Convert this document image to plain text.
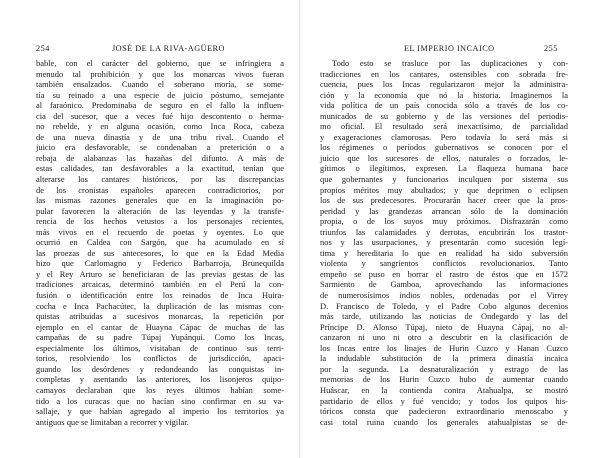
254	JOSÉ DE LA RIVA-AGÜERO
bable, con el carácter del gobierno, que se infringiera a
menudo tal prohibición y que los monarcas vivos fueran
también ensalzados. Cuando el soberano moría, se some-
tía su reinado a una especie de juicio póstumo, semejante
al faraónico. Predominaba de seguro en el fallo la influen-
cia del sucesor, que a veces fué hijo descontento o herma-
no rebelde, y en alguna ocasión, como Inca Roca, cabeza
de una nueva dinastía y de una tribu rival. Cuando el
juicio era desfavorable, se condenaban a preterición o a
rebaja de alabanzas las hazañas del difunto. A más de
estas calidades, tan desfavorables a la exactitud, tenían que
alterarse los cantares históricos, por las discrepancias
de los cronistas españoles aparecen contradictorios, por
las mismas razones generales que en la imaginación po-
pular favorecen la alteración de las leyendas y la transfe-
rencia de los hechos vetustos a los personajes recientes,
más vivos en el recuerdo de poetas y oyentes. Lo que
ocurrió en Caldea con Sargón, que ha acumulado en sí
las proezas de sus antecesores, lo que en la Edad Media
hizo que Carlomagno y Federico Barbarroja, Brunequilda
y el Rey Arturo se beneficiaran de las previas gestas de las
tradiciones arcaicas, determinó también en el Perú la con-
fusión o identificación entre los reinados de Inca Huira-
cocha e Inca Pachacútec, la duplicación de las mismas con-
quistas atribuidas a sucesivos monarcas, la repetición por
ejemplo en el cantar de Huayna Cápac de muchas de las
campañas de su padre Túpaj Yupánqui. Como los Incas,
especialmente los últimos, visitaban de continuo sus terri-
torios, resolviendo los conflictos de jurisdicción, apaci-
guando los desórdenes y redondeando las conquistas in-
completas y asentando las anteriores, los lisonjeros quipo-
camayos declaraban que los reyes últimos habían some-
tido a los curacas que no hacían sino confirmar en su va-
sallaje, y que habían agregado al imperio los territorios ya
antiguos que se limitaban a recorrer y vigilar.
EL IMPERIO INCAICO	255
Todo esto se trasluce por las duplicaciones y con-
tradicciones en los cantares, ostensibles con sobrada fre-
cuencia, pues los Incas regularizaron mejor la administra-
ción y la economía que nó la historia. Imaginemos la
vida política de un país conocida sólo a través de los co-
municados de su gobierno y de las versiones del periodis-
mo oficial. El resultado será inexactísimo, de parcialidad
y exageraciones clamorosas. Pero todavía lo será más si
los régimenes o períodos gubernativos se conocen por el
juicio que los sucesores de ellos, naturales o forzados, le-
gítimos o ilegítimos, expresen. La flaqueza humana hace
que gobernantes y funcionarios inculquen por sistema sus
propios méritos muy abultados; y que deprimen o eclipsen
los de sus predecesores. Procurarán hacer creer que la pros-
peridad y las grandezas arrancan sólo de la dominación
propia, o de los suyos muy próximos. Disfrazarán como
triunfos las calamidades y derrotas, encubrirán los trastor-
nos y las usurpaciones, y presentarán como sucesión legí-
tima y hereditaria lo que en realidad ha sido subversión
violenta y sangrientos conflictos revolucionarios. Tanto
empeño se puso en borrar el rastro de éstos que en 1572
Sarmiento de Gamboa, aprovechando las informaciones
de numerosísimos indios nobles, ordenadas por el Virrey
D. Francisco de Toledo, y el Padre Cobo algunos decenios
más tarde, utilizando las noticias de Ondegardo y las del
Príncipe D. Alonso Túpaj, nieto de Huayna Cápaj, no al-
canzaron ni uno ni otro a descubrir en la clasificación de
los Incas entre los linajes de Hurin Cuzco y Hanan Cuzco
la indudable substitución de la primera dinastía incaica
por la segunda. La desnaturalización y estrago de las
memorias de los Hurin Cuzco hubo de aumentar cuando
Huáscar, en la contienda contra Atahualpa, se mostró
partidario de ellos y fué vencido; y todos los quipos his-
tóricos consta que padecieron extraordinario menoscabo y
casi total ruina cuando los generales atahualpistas se de-
